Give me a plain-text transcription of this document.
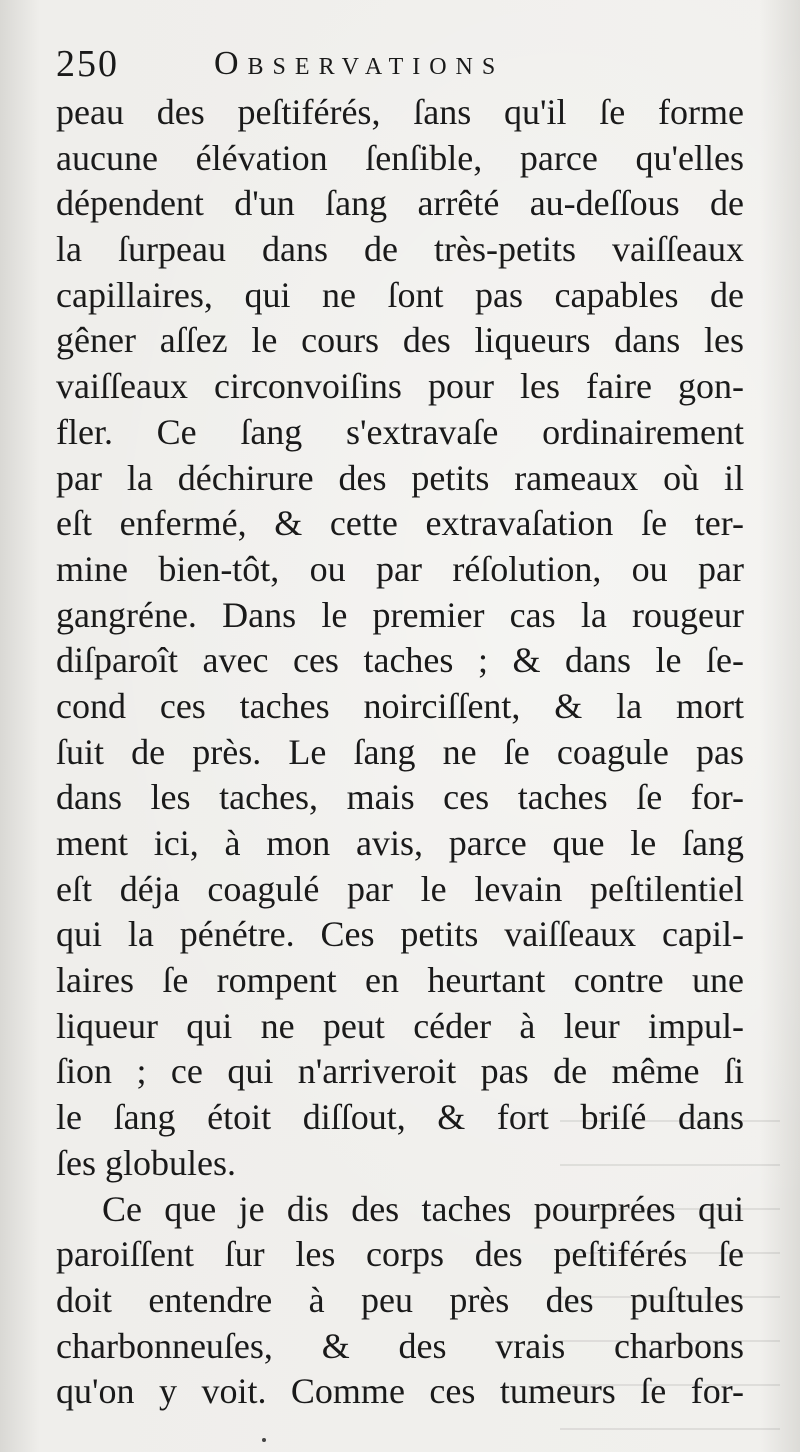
250	Observations
peau des peſtiférés, ſans qu'il ſe forme
aucune élévation ſenſible, parce qu'elles
dépendent d'un ſang arrêté au-deſſous de
la ſurpeau dans de très-petits vaiſſeaux
capillaires, qui ne ſont pas capables de
gêner aſſez le cours des liqueurs dans les
vaiſſeaux circonvoiſins pour les faire gon-
fler. Ce ſang s'extravaſe ordinairement
par la déchirure des petits rameaux où il
eſt enfermé, & cette extravaſation ſe ter-
mine bien-tôt, ou par réſolution, ou par
gangréne. Dans le premier cas la rougeur
diſparoît avec ces taches ; & dans le ſe-
cond ces taches noirciſſent, & la mort
ſuit de près. Le ſang ne ſe coagule pas
dans les taches, mais ces taches ſe for-
ment ici, à mon avis, parce que le ſang
eſt déja coagulé par le levain peſtilentiel
qui la pénétre. Ces petits vaiſſeaux capil-
laires ſe rompent en heurtant contre une
liqueur qui ne peut céder à leur impul-
ſion ; ce qui n'arriveroit pas de même ſi
le ſang étoit diſſout, & fort briſé dans
ſes globules.
Ce que je dis des taches pourprées qui
paroiſſent ſur les corps des peſtiférés ſe
doit entendre à peu près des puſtules
charbonneuſes, & des vrais charbons
qu'on y voit. Comme ces tumeurs ſe for-
